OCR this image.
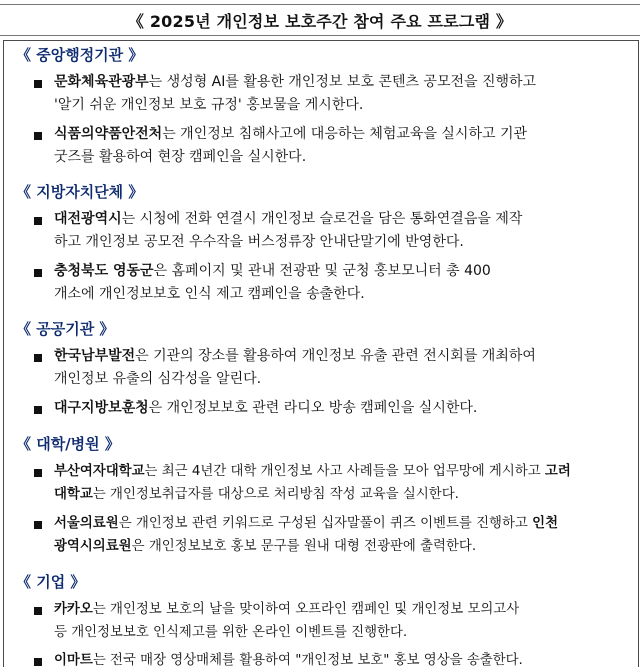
《 2025년 개인정보 보호주간 참여 주요 프로그램 》
《 중앙행정기관 》
문화체육관광부는 생성형 AI를 활용한 개인정보 보호 콘텐츠 공모전을 진행하고
'알기 쉬운 개인정보 보호 규정' 홍보물을 게시한다.
식품의약품안전처는 개인정보 침해사고에 대응하는 체험교육을 실시하고 기관
굿즈를 활용하여 현장 캠페인을 실시한다.
《 지방자치단체 》
대전광역시는 시청에 전화 연결시 개인정보 슬로건을 담은 통화연결음을 제작
하고 개인정보 공모전 우수작을 버스정류장 안내단말기에 반영한다.
충청북도 영동군은 홈페이지 및 관내 전광판 및 군청 홍보모니터 총 400
개소에 개인정보보호 인식 제고 캠페인을 송출한다.
《 공공기관 》
한국남부발전은 기관의 장소를 활용하여 개인정보 유출 관련 전시회를 개최하여
개인정보 유출의 심각성을 알린다.
대구지방보훈청은 개인정보보호 관련 라디오 방송 캠페인을 실시한다.
《 대학/병원 》
부산여자대학교는 최근 4년간 대학 개인정보 사고 사례들을 모아 업무망에 게시하고 고려
대학교는 개인정보취급자를 대상으로 처리방침 작성 교육을 실시한다.
서울의료원은 개인정보 관련 키워드로 구성된 십자말풀이 퀴즈 이벤트를 진행하고 인천
광역시의료원은 개인정보보호 홍보 문구를 원내 대형 전광판에 출력한다.
《 기업 》
카카오는 개인정보 보호의 날을 맞이하여 오프라인 캠페인 및 개인정보 모의고사
등 개인정보보호 인식제고를 위한 온라인 이벤트를 진행한다.
이마트는 전국 매장 영상매체를 활용하여 "개인정보 보호" 홍보 영상을 송출한다.
